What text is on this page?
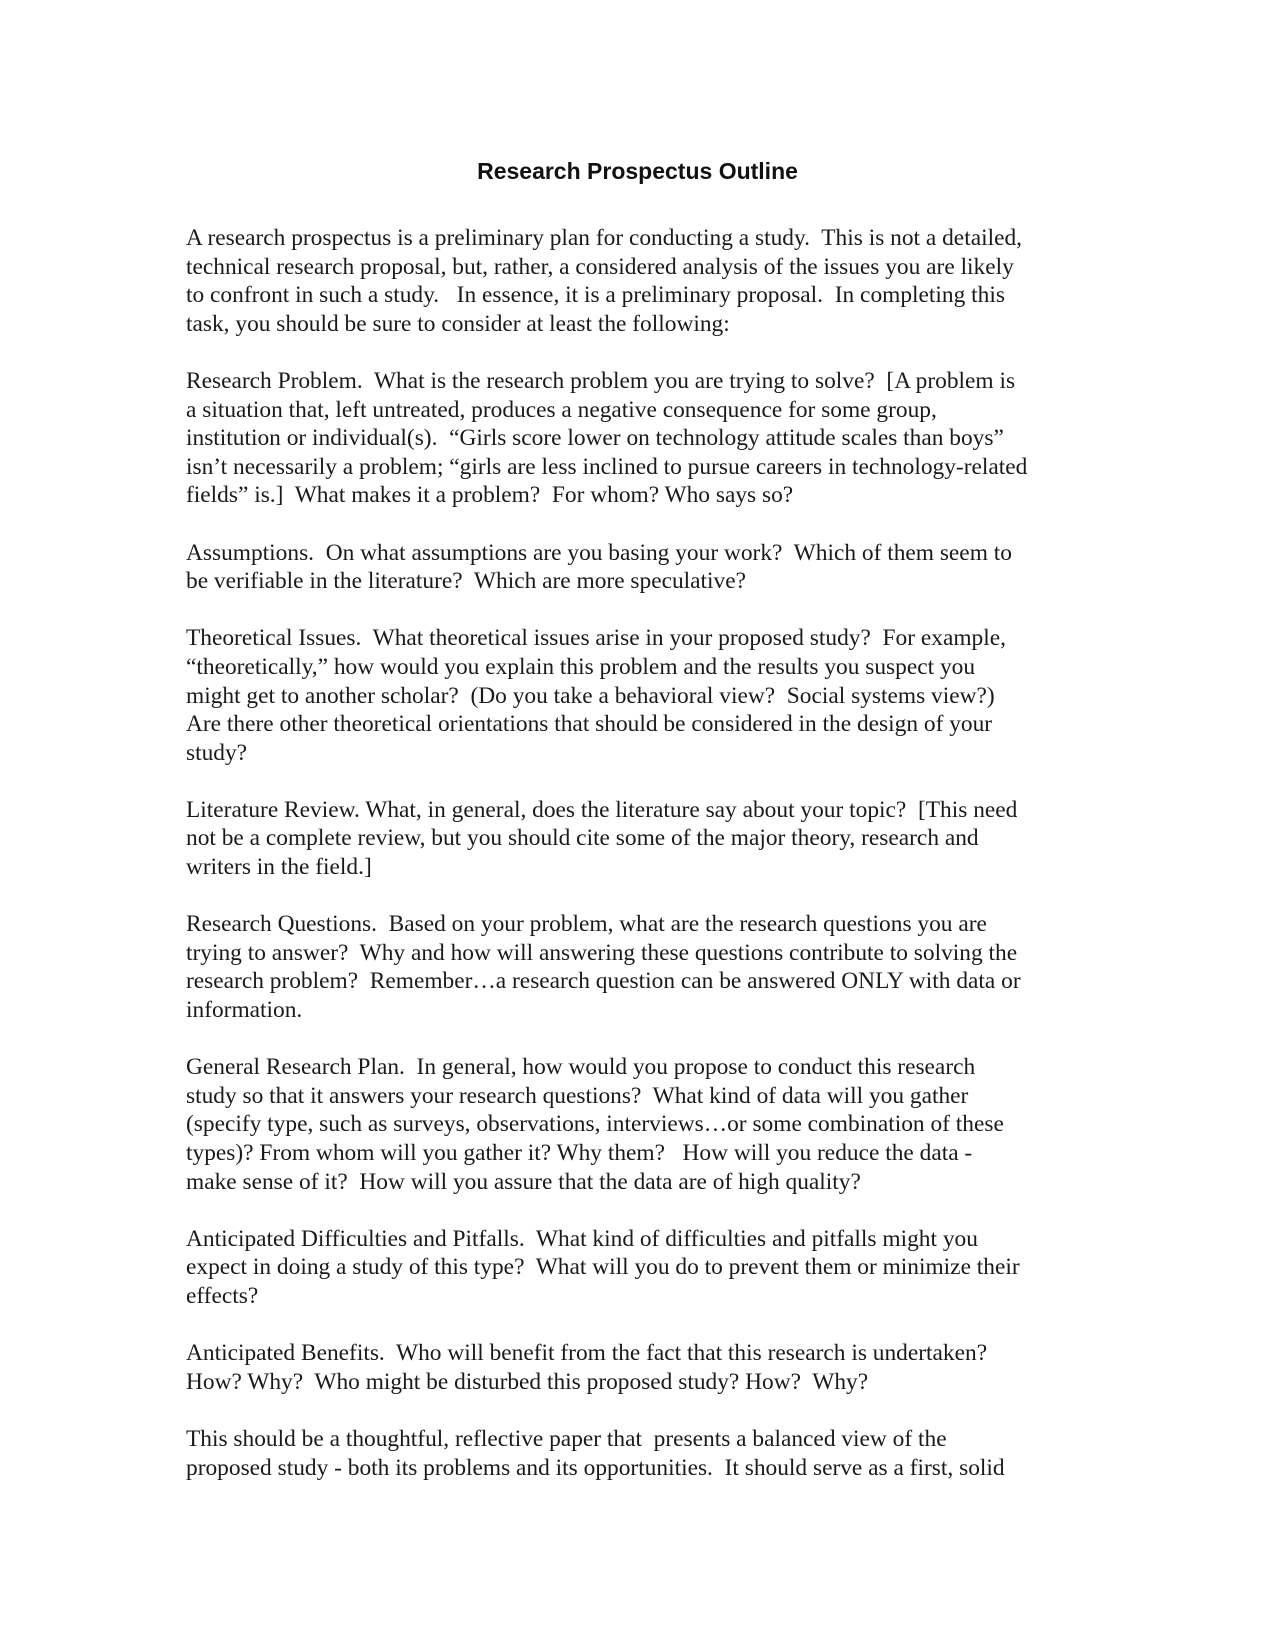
Research Prospectus Outline

A research prospectus is a preliminary plan for conducting a study.  This is not a detailed,
technical research proposal, but, rather, a considered analysis of the issues you are likely
to confront in such a study.   In essence, it is a preliminary proposal.  In completing this
task, you should be sure to consider at least the following:

Research Problem.  What is the research problem you are trying to solve?  [A problem is
a situation that, left untreated, produces a negative consequence for some group,
institution or individual(s).  “Girls score lower on technology attitude scales than boys”
isn’t necessarily a problem; “girls are less inclined to pursue careers in technology-related
fields” is.]  What makes it a problem?  For whom? Who says so?

Assumptions.  On what assumptions are you basing your work?  Which of them seem to
be verifiable in the literature?  Which are more speculative?

Theoretical Issues.  What theoretical issues arise in your proposed study?  For example,
“theoretically,” how would you explain this problem and the results you suspect you
might get to another scholar?  (Do you take a behavioral view?  Social systems view?)
Are there other theoretical orientations that should be considered in the design of your
study?

Literature Review. What, in general, does the literature say about your topic?  [This need
not be a complete review, but you should cite some of the major theory, research and
writers in the field.]

Research Questions.  Based on your problem, what are the research questions you are
trying to answer?  Why and how will answering these questions contribute to solving the
research problem?  Remember…a research question can be answered ONLY with data or
information.

General Research Plan.  In general, how would you propose to conduct this research
study so that it answers your research questions?  What kind of data will you gather
(specify type, such as surveys, observations, interviews…or some combination of these
types)? From whom will you gather it? Why them?   How will you reduce the data -
make sense of it?  How will you assure that the data are of high quality?

Anticipated Difficulties and Pitfalls.  What kind of difficulties and pitfalls might you
expect in doing a study of this type?  What will you do to prevent them or minimize their
effects?

Anticipated Benefits.  Who will benefit from the fact that this research is undertaken?
How? Why?  Who might be disturbed this proposed study? How?  Why?

This should be a thoughtful, reflective paper that  presents a balanced view of the
proposed study - both its problems and its opportunities.  It should serve as a first, solid
